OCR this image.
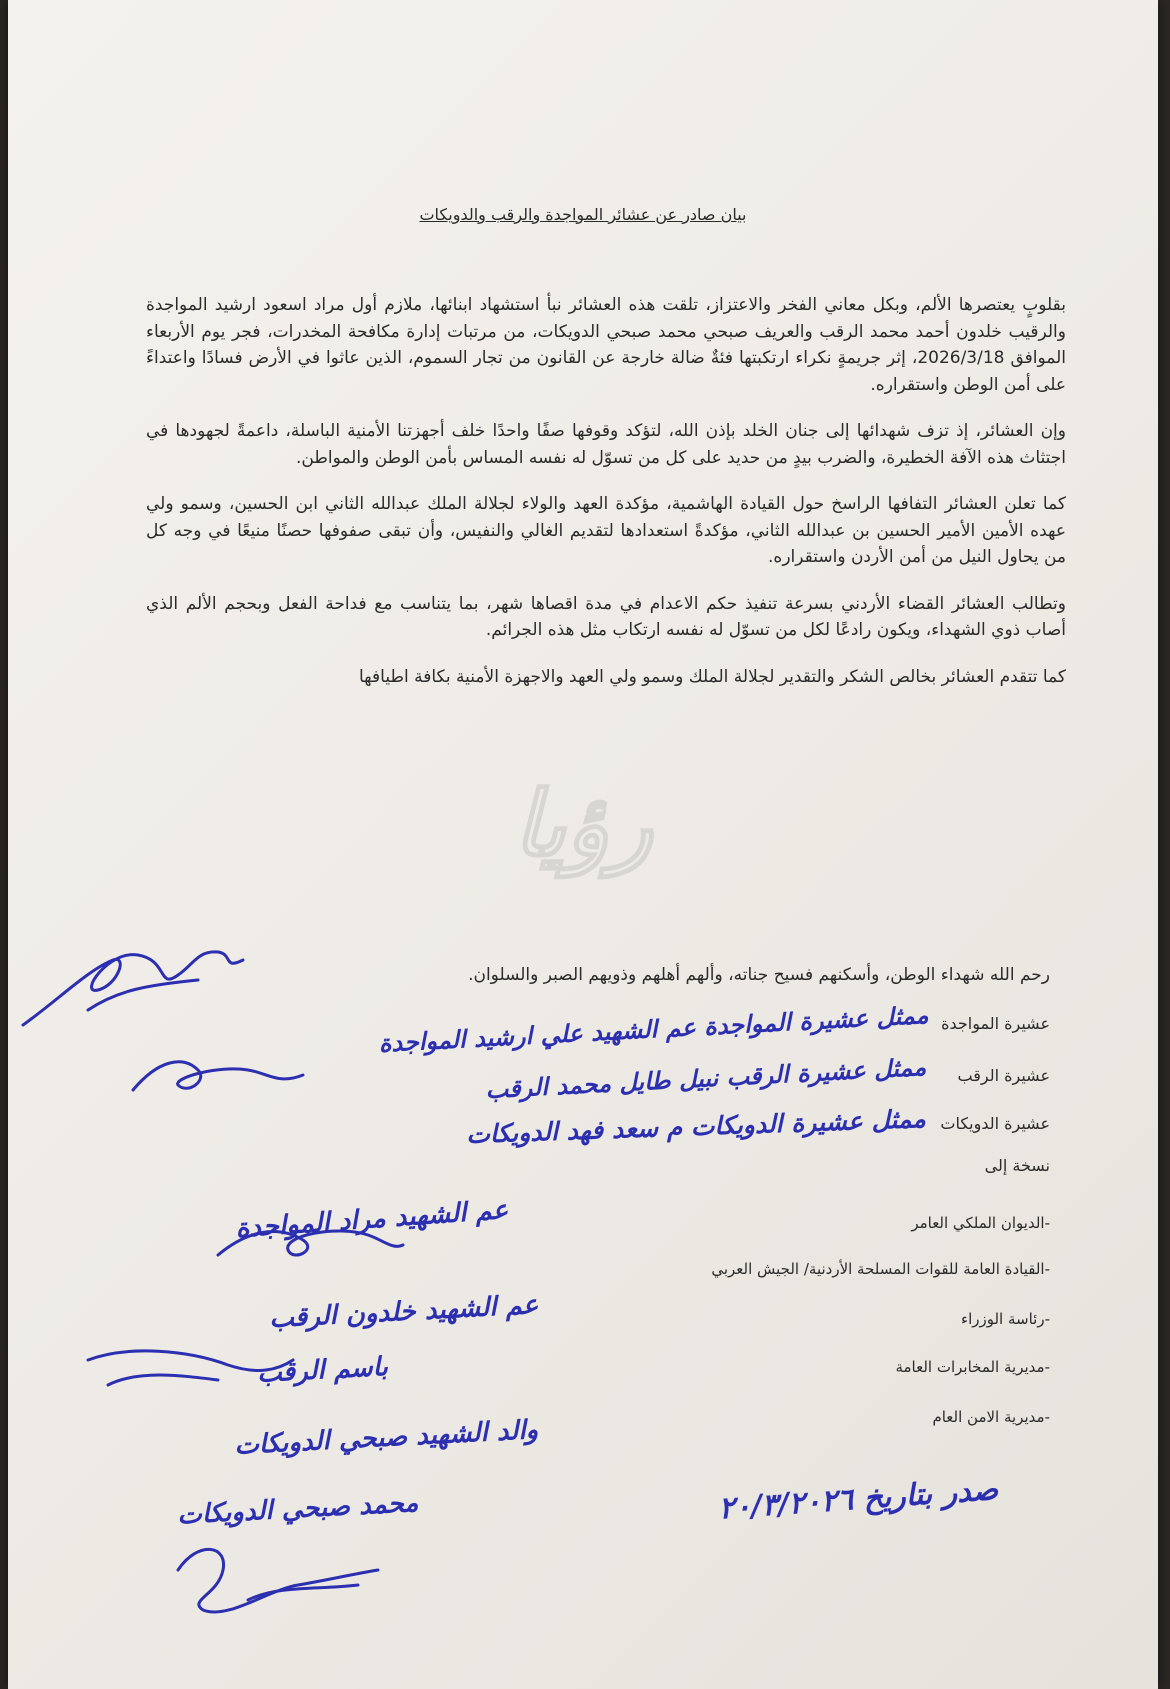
رؤيا
بيان صادر عن عشائر المواجدة والرقب والدويكات

بقلوبٍ يعتصرها الألم، وبكل معاني الفخر والاعتزاز، تلقت هذه العشائر نبأ استشهاد ابنائها، ملازم أول مراد اسعود ارشيد المواجدة والرقيب خلدون أحمد محمد الرقب والعريف صبحي محمد صبحي الدويكات، من مرتبات إدارة مكافحة المخدرات، فجر يوم الأربعاء الموافق 2026/3/18، إثر جريمةٍ نكراء ارتكبتها فئةٌ ضالة خارجة عن القانون من تجار السموم، الذين عاثوا في الأرض فسادًا واعتداءً على أمن الوطن واستقراره.

وإن العشائر، إذ تزف شهدائها إلى جنان الخلد بإذن الله، لتؤكد وقوفها صفًا واحدًا خلف أجهزتنا الأمنية الباسلة، داعمةً لجهودها في اجتثاث هذه الآفة الخطيرة، والضرب بيدٍ من حديد على كل من تسوّل له نفسه المساس بأمن الوطن والمواطن.

كما تعلن العشائر التفافها الراسخ حول القيادة الهاشمية، مؤكدة العهد والولاء لجلالة الملك عبدالله الثاني ابن الحسين، وسمو ولي عهده الأمين الأمير الحسين بن عبدالله الثاني، مؤكدةً استعدادها لتقديم الغالي والنفيس، وأن تبقى صفوفها حصنًا منيعًا في وجه كل من يحاول النيل من أمن الأردن واستقراره.

وتطالب العشائر القضاء الأردني بسرعة تنفيذ حكم الاعدام في مدة اقصاها شهر، بما يتناسب مع فداحة الفعل وبحجم الألم الذي أصاب ذوي الشهداء، ويكون رادعًا لكل من تسوّل له نفسه ارتكاب مثل هذه الجرائم.

كما تتقدم العشائر بخالص الشكر والتقدير لجلالة الملك وسمو ولي العهد والاجهزة الأمنية بكافة اطيافها

رحم الله شهداء الوطن، وأسكنهم فسيح جناته، وألهم أهلهم وذويهم الصبر والسلوان.
عشيرة المواجدة
عشيرة الرقب
عشيرة الدويكات
نسخة إلى
-الديوان الملكي العامر
-القيادة العامة للقوات المسلحة الأردنية/ الجيش العربي
-رئاسة الوزراء
-مديرية المخابرات العامة
-مديرية الامن العام
ممثل عشيرة المواجدة عم الشهيد علي ارشيد المواجدة
ممثل عشيرة الرقب نبيل طايل محمد الرقب
ممثل عشيرة الدويكات م سعد فهد الدويكات
عم الشهيد مراد المواجدة
عم الشهيد خلدون الرقب
باسم الرقب
والد الشهيد صبحي الدويكات
محمد صبحي الدويكات	صدر بتاريخ ٢٠/٣/٢٠٢٦
